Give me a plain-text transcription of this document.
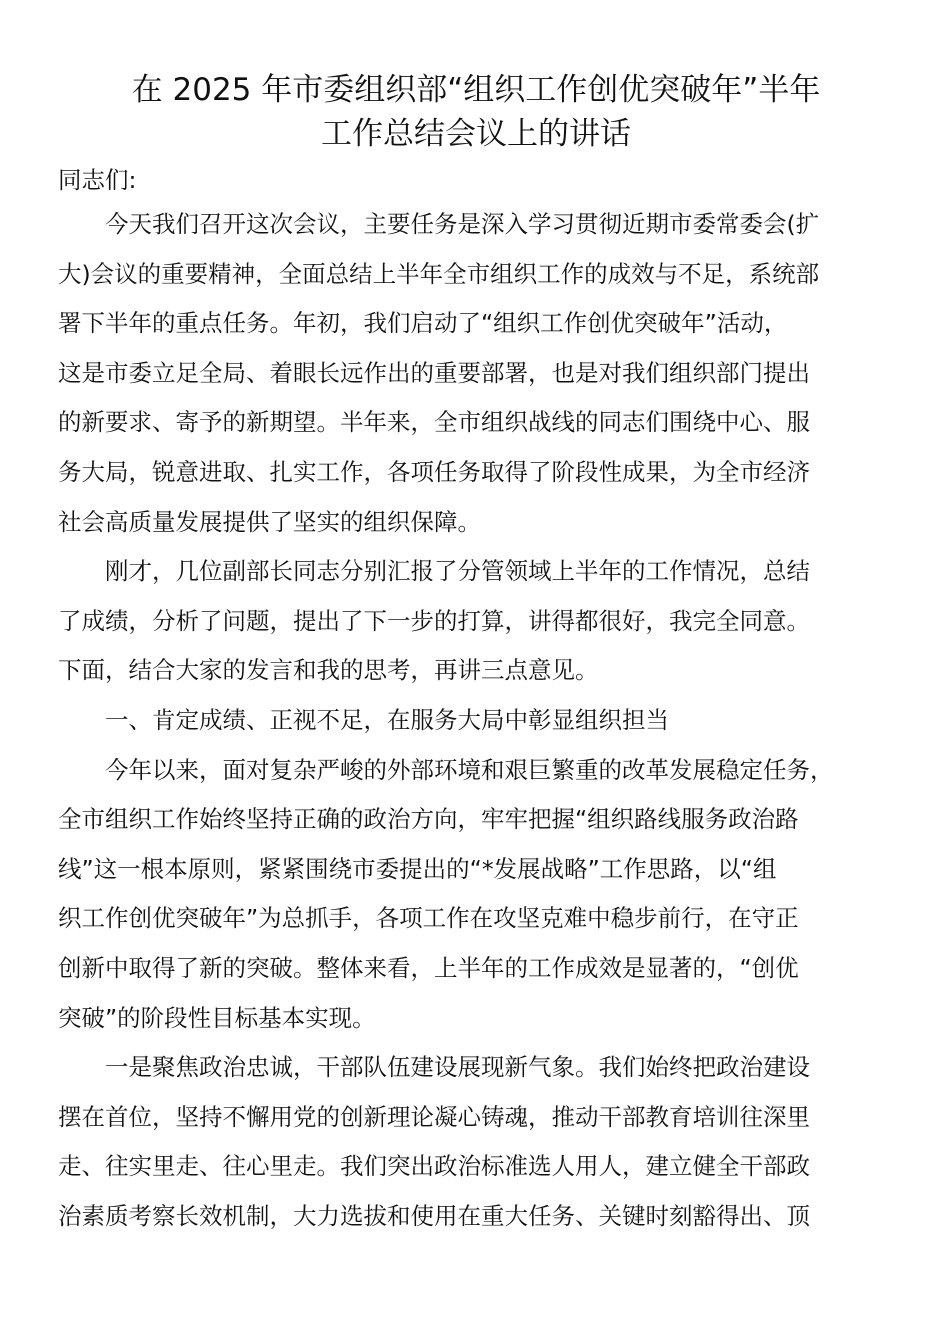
在 2025 年市委组织部“组织工作创优突破年”半年
工作总结会议上的讲话
同志们:
今天我们召开这次会议，主要任务是深入学习贯彻近期市委常委会(扩
大)会议的重要精神，全面总结上半年全市组织工作的成效与不足，系统部
署下半年的重点任务。年初，我们启动了“组织工作创优突破年”活动，
这是市委立足全局、着眼长远作出的重要部署，也是对我们组织部门提出
的新要求、寄予的新期望。半年来，全市组织战线的同志们围绕中心、服
务大局，锐意进取、扎实工作，各项任务取得了阶段性成果，为全市经济
社会高质量发展提供了坚实的组织保障。
刚才，几位副部长同志分别汇报了分管领域上半年的工作情况，总结
了成绩，分析了问题，提出了下一步的打算，讲得都很好，我完全同意。
下面，结合大家的发言和我的思考，再讲三点意见。
一、肯定成绩、正视不足，在服务大局中彰显组织担当
今年以来，面对复杂严峻的外部环境和艰巨繁重的改革发展稳定任务，
全市组织工作始终坚持正确的政治方向，牢牢把握“组织路线服务政治路
线”这一根本原则，紧紧围绕市委提出的“*发展战略”工作思路，以“组
织工作创优突破年”为总抓手，各项工作在攻坚克难中稳步前行，在守正
创新中取得了新的突破。整体来看，上半年的工作成效是显著的，“创优
突破”的阶段性目标基本实现。
一是聚焦政治忠诚，干部队伍建设展现新气象。我们始终把政治建设
摆在首位，坚持不懈用党的创新理论凝心铸魂，推动干部教育培训往深里
走、往实里走、往心里走。我们突出政治标准选人用人，建立健全干部政
治素质考察长效机制，大力选拔和使用在重大任务、关键时刻豁得出、顶
